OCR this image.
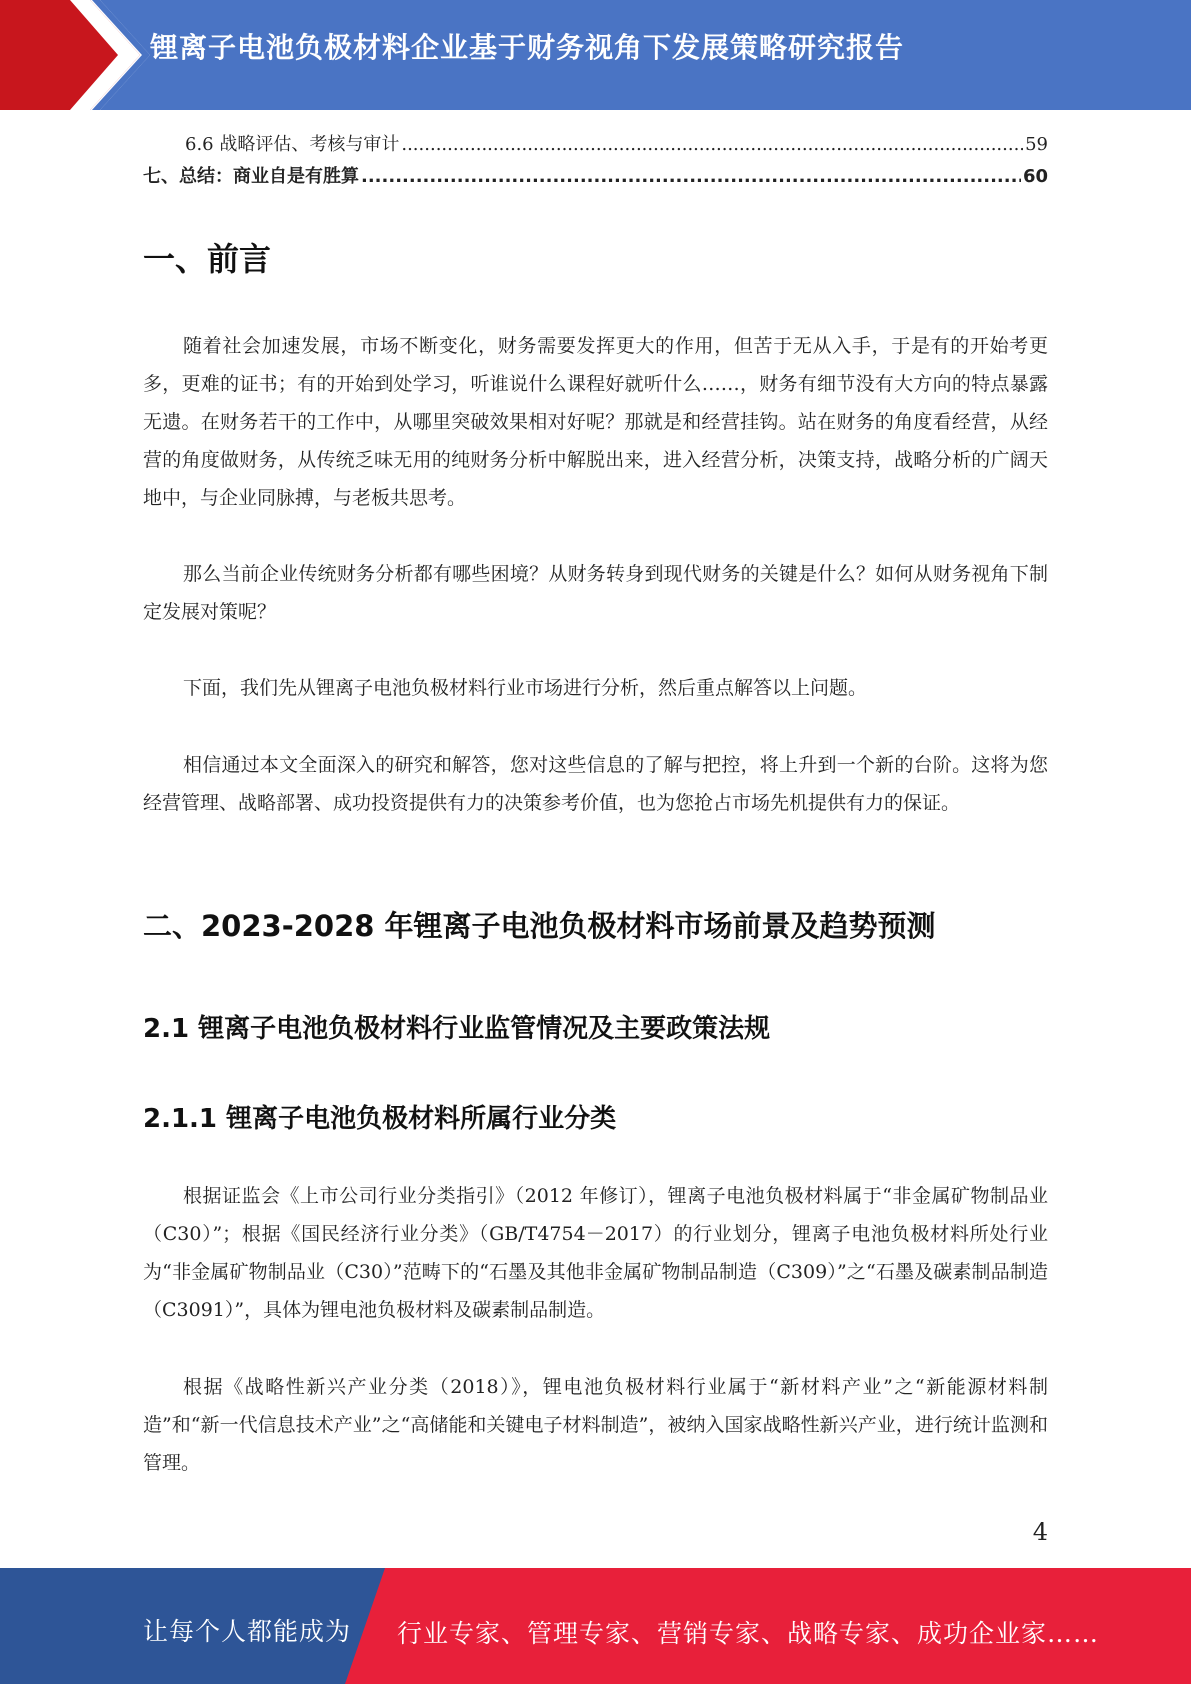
锂离子电池负极材料企业基于财务视角下发展策略研究报告
6.6 战略评估、考核与审计 .....	59
七、总结：商业自是有胜算 .....	60
一、前言

随着社会加速发展，市场不断变化，财务需要发挥更大的作用，但苦于无从入手，于是有的开始考更多，更难的证书；有的开始到处学习，听谁说什么课程好就听什么……，财务有细节没有大方向的特点暴露无遗。在财务若干的工作中，从哪里突破效果相对好呢？那就是和经营挂钩。站在财务的角度看经营，从经营的角度做财务，从传统乏味无用的纯财务分析中解脱出来，进入经营分析，决策支持，战略分析的广阔天地中，与企业同脉搏，与老板共思考。

那么当前企业传统财务分析都有哪些困境？从财务转身到现代财务的关键是什么？如何从财务视角下制定发展对策呢？

下面，我们先从锂离子电池负极材料行业市场进行分析，然后重点解答以上问题。

相信通过本文全面深入的研究和解答，您对这些信息的了解与把控，将上升到一个新的台阶。这将为您经营管理、战略部署、成功投资提供有力的决策参考价值，也为您抢占市场先机提供有力的保证。

二、2023-2028 年锂离子电池负极材料市场前景及趋势预测
2.1 锂离子电池负极材料行业监管情况及主要政策法规
2.1.1 锂离子电池负极材料所属行业分类

根据证监会《上市公司行业分类指引》（2012 年修订），锂离子电池负极材料属于“非金属矿物制品业（C30）”；根据《国民经济行业分类》（GB/T4754－2017）的行业划分，锂离子电池负极材料所处行业为“非金属矿物制品业（C30）”范畴下的“石墨及其他非金属矿物制品制造（C309）”之“石墨及碳素制品制造（C3091）”，具体为锂电池负极材料及碳素制品制造。

根据《战略性新兴产业分类（2018）》，锂电池负极材料行业属于“新材料产业”之“新能源材料制造”和“新一代信息技术产业”之“高储能和关键电子材料制造”，被纳入国家战略性新兴产业，进行统计监测和管理。

4
让每个人都能成为 行业专家、管理专家、营销专家、战略专家、成功企业家……
